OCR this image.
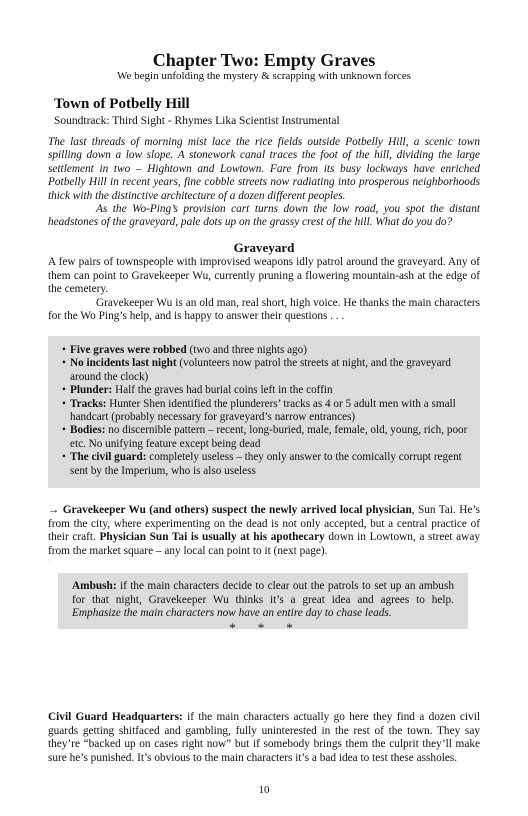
Chapter Two: Empty Graves

We begin unfolding the mystery & scrapping with unknown forces

Town of Potbelly Hill

Soundtrack: Third Sight - Rhymes Lika Scientist Instrumental

The last threads of morning mist lace the rice fields outside Potbelly Hill, a scenic town spilling down a low slope. A stonework canal traces the foot of the hill, dividing the large settlement in two – Hightown and Lowtown. Fare from its busy lockways have enriched Potbelly Hill in recent years, fine cobble streets now radiating into prosperous neighborhoods thick with the distinctive architecture of a dozen different peoples.
As the Wo-Ping’s provision cart turns down the low road, you spot the distant headstones of the graveyard, pale dots up on the grassy crest of the hill. What do you do?
Graveyard

A few pairs of townspeople with improvised weapons idly patrol around the graveyard. Any of them can point to Gravekeeper Wu, currently pruning a flowering mountain-ash at the edge of the cemetery.

Gravekeeper Wu is an old man, real short, high voice. He thanks the main characters for the Wo Ping’s help, and is happy to answer their questions . . .

• Five graves were robbed (two and three nights ago)
• No incidents last night (volunteers now patrol the streets at night, and the graveyard around the clock)
• Plunder: Half the graves had burial coins left in the coffin
• Tracks: Hunter Shen identified the plunderers’ tracks as 4 or 5 adult men with a small handcart (probably necessary for graveyard’s narrow entrances)
• Bodies: no discernible pattern – recent, long-buried, male, female, old, young, rich, poor etc. No unifying feature except being dead
• The civil guard: completely useless – they only answer to the comically corrupt regent sent by the Imperium, who is also useless

→ Gravekeeper Wu (and others) suspect the newly arrived local physician, Sun Tai. He’s from the city, where experimenting on the dead is not only accepted, but a central practice of their craft. Physician Sun Tai is usually at his apothecary down in Lowtown, a street away from the market square – any local can point to it (next page).

·
Ambush: if the main characters decide to clear out the patrols to set up an ambush for that night, Gravekeeper Wu thinks it’s a great idea and agrees to help. Emphasize the main characters now have an entire day to chase leads.

* * *

Civil Guard Headquarters: if the main characters actually go here they find a dozen civil guards getting shitfaced and gambling, fully uninterested in the rest of the town. They say they’re “backed up on cases right now” but if somebody brings them the culprit they’ll make sure he’s punished. It’s obvious to the main characters it’s a bad idea to test these assholes.

10
